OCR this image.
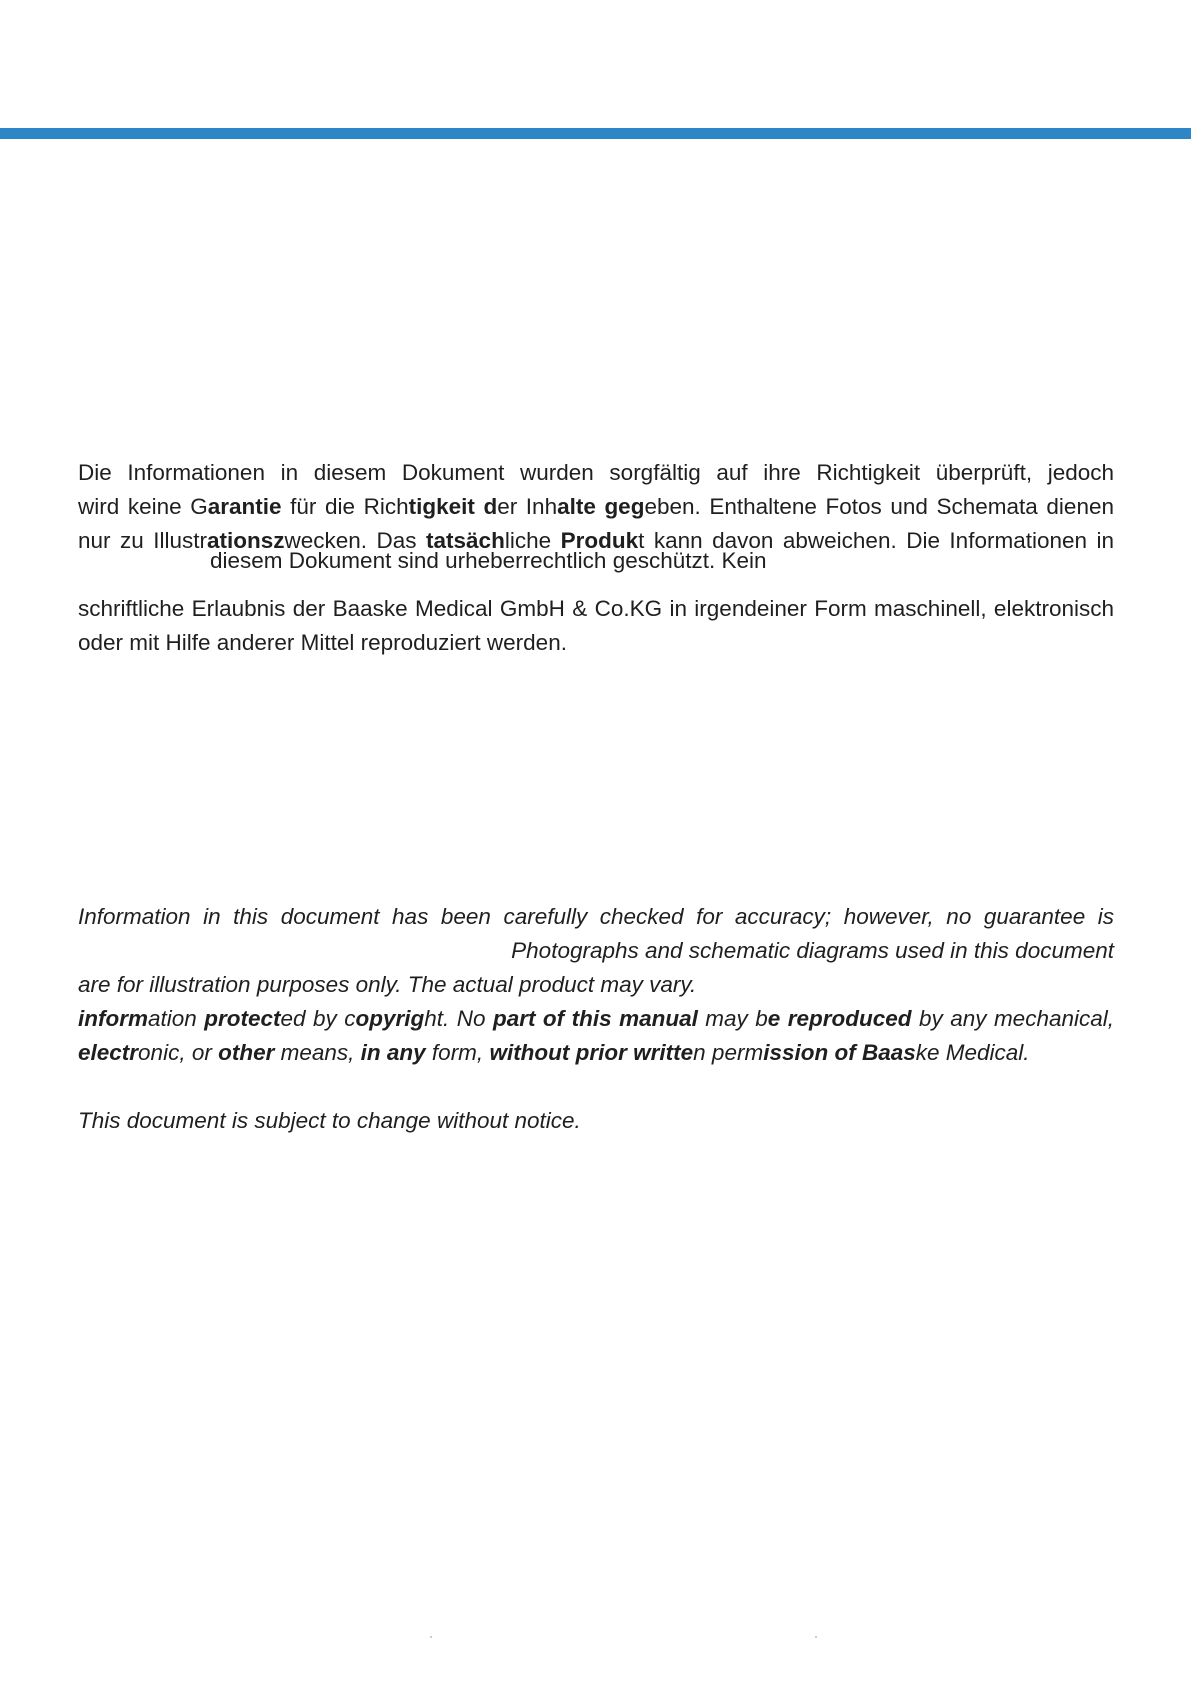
Die Informationen in diesem Dokument wurden sorgfältig auf ihre Richtigkeit überprüft, jedoch
wird keine Garantie für die Richtigkeit der Inhalte gegeben. Enthaltene Fotos und Schemata dienen
nur zu Illustrationszwecken. Das tatsächliche Produkt kann davon abweichen. Die Informationen in
diesem Dokument sind urheberrechtlich geschützt. Kein
schriftliche Erlaubnis der Baaske Medical GmbH & Co.KG in irgendeiner Form maschinell, elektronisch
oder mit Hilfe anderer Mittel reproduziert werden.
Information in this document has been carefully checked for accuracy; however, no guarantee is
Photographs and schematic diagrams used in this document
are for illustration purposes only. The actual product may vary.
information protected by copyright. No part of this manual may be reproduced by any mechanical,
electronic, or other means, in any form, without prior written permission of Baaske Medical.
This document is subject to change without notice.
